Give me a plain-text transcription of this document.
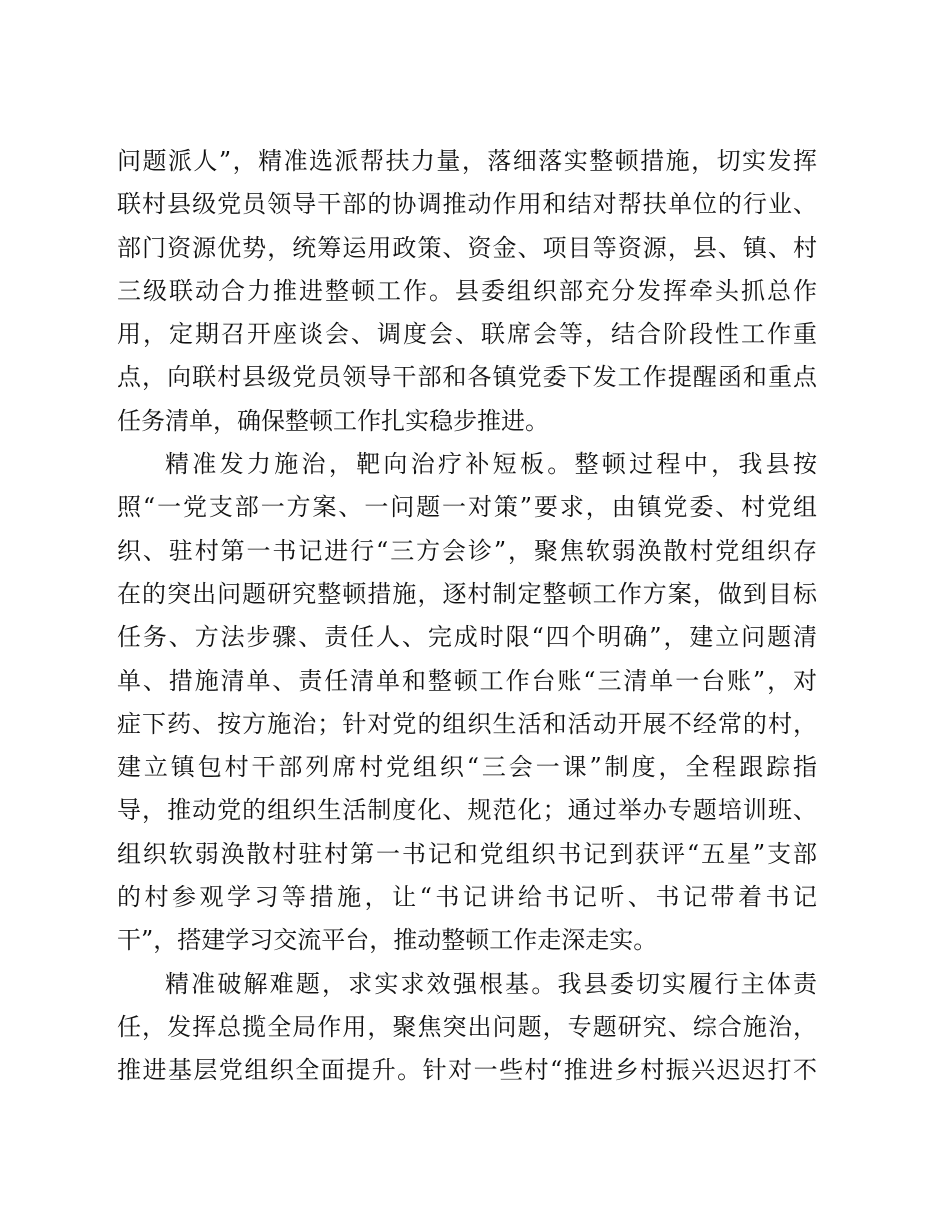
问题派人”，精准选派帮扶力量，落细落实整顿措施，切实发挥
联村县级党员领导干部的协调推动作用和结对帮扶单位的行业、
部门资源优势，统筹运用政策、资金、项目等资源，县、镇、村
三级联动合力推进整顿工作。县委组织部充分发挥牵头抓总作
用，定期召开座谈会、调度会、联席会等，结合阶段性工作重
点，向联村县级党员领导干部和各镇党委下发工作提醒函和重点
任务清单，确保整顿工作扎实稳步推进。
精准发力施治，靶向治疗补短板。整顿过程中，我县按
照“一党支部一方案、一问题一对策”要求，由镇党委、村党组
织、驻村第一书记进行“三方会诊”，聚焦软弱涣散村党组织存
在的突出问题研究整顿措施，逐村制定整顿工作方案，做到目标
任务、方法步骤、责任人、完成时限“四个明确”，建立问题清
单、措施清单、责任清单和整顿工作台账“三清单一台账”，对
症下药、按方施治；针对党的组织生活和活动开展不经常的村，
建立镇包村干部列席村党组织“三会一课”制度，全程跟踪指
导，推动党的组织生活制度化、规范化；通过举办专题培训班、
组织软弱涣散村驻村第一书记和党组织书记到获评“五星”支部
的村参观学习等措施，让“书记讲给书记听、书记带着书记
干”，搭建学习交流平台，推动整顿工作走深走实。
精准破解难题，求实求效强根基。我县委切实履行主体责
任，发挥总揽全局作用，聚焦突出问题，专题研究、综合施治，
推进基层党组织全面提升。针对一些村“推进乡村振兴迟迟打不
